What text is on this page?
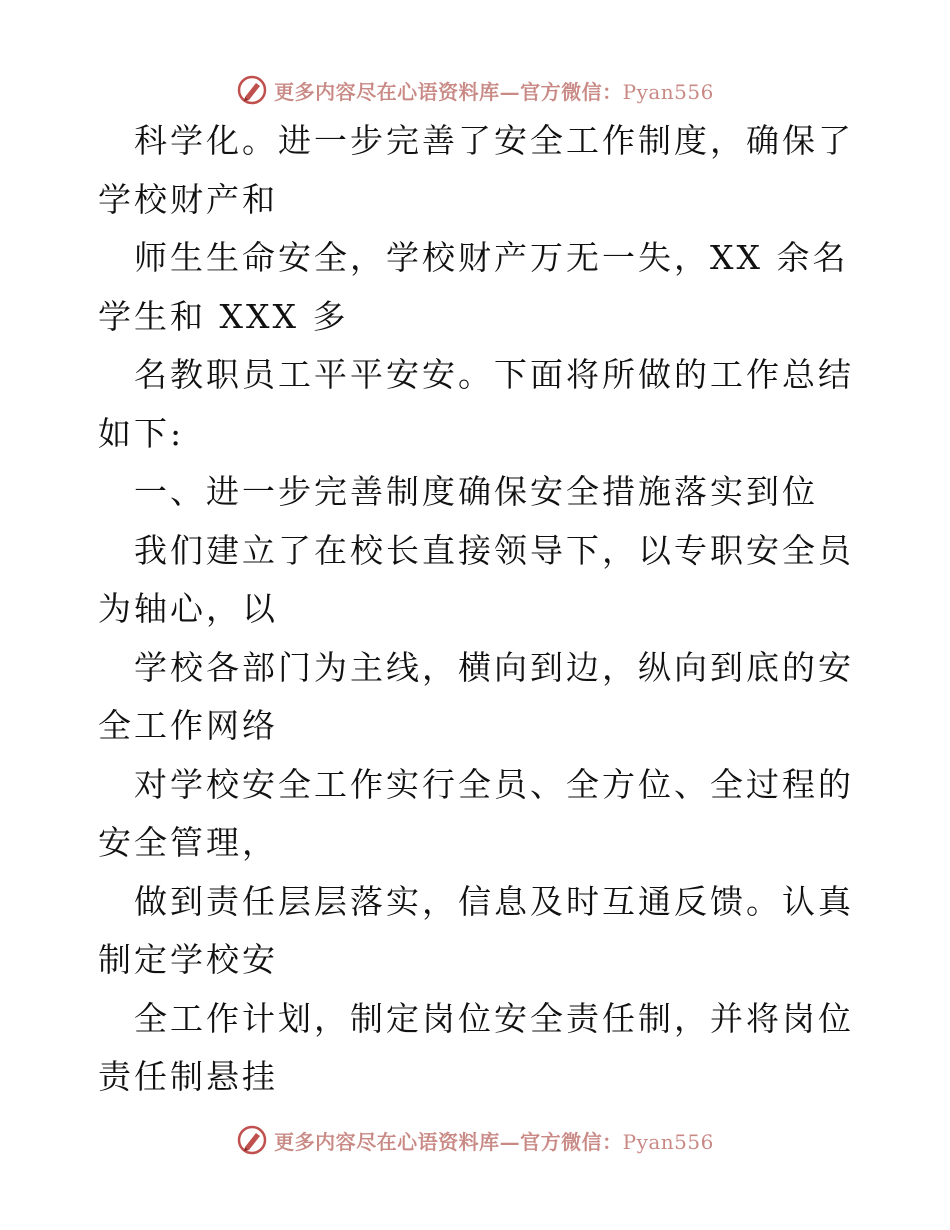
更多内容尽在心语资料库—官方微信：Pyan556

科学化。进一步完善了安全工作制度，确保了学校财产和

师生生命安全，学校财产万无一失，XX 余名学生和 XXX 多

名教职员工平平安安。下面将所做的工作总结如下:

一、进一步完善制度确保安全措施落实到位

我们建立了在校长直接领导下，以专职安全员为轴心，以

学校各部门为主线，横向到边，纵向到底的安全工作网络

对学校安全工作实行全员、全方位、全过程的安全管理，

做到责任层层落实，信息及时互通反馈。认真制定学校安

全工作计划，制定岗位安全责任制，并将岗位责任制悬挂

更多内容尽在心语资料库—官方微信：Pyan556
